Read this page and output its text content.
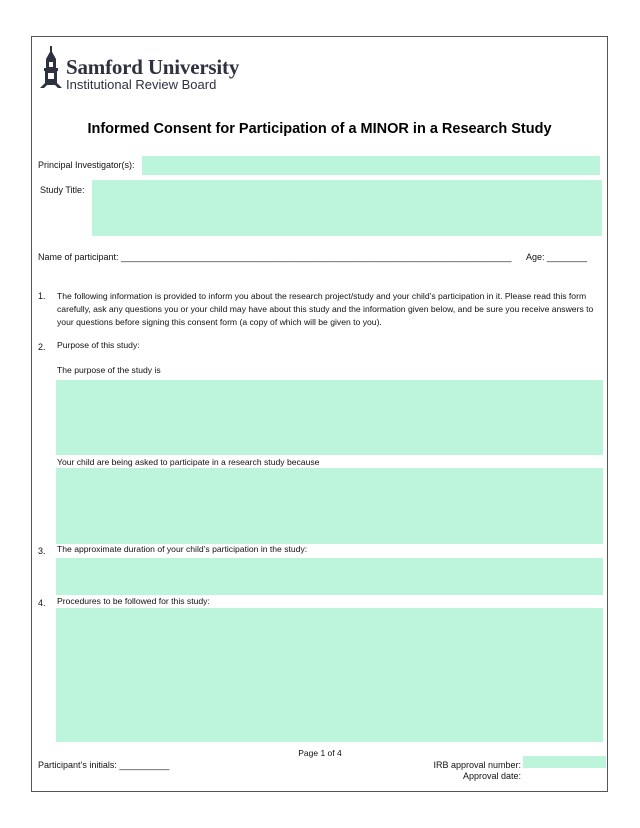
Samford University
Institutional Review Board
Informed Consent for Participation of a MINOR in a Research Study
Principal Investigator(s):
Study Title:
Name of participant: ______________________________________________________________________________ Age: ________
1. The following information is provided to inform you about the research project/study and your child’s participation in it. Please read this form carefully, ask any questions you or your child may have about this study and the information given below, and be sure you receive answers to your questions before signing this consent form (a copy of which will be given to you).
2. Purpose of this study:
The purpose of the study is
Your child are being asked to participate in a research study because
3. The approximate duration of your child’s participation in the study:
4. Procedures to be followed for this study:
Page 1 of 4
Participant’s initials: __________	IRB approval number:
Approval date:
